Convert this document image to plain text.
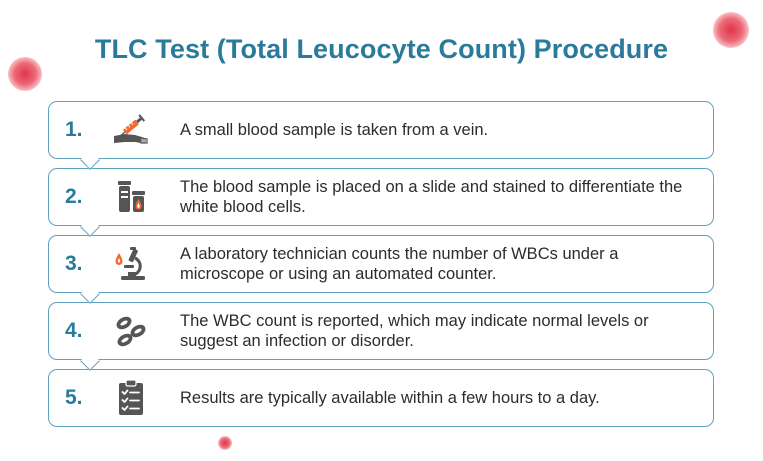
TLC Test (Total Leucocyte Count) Procedure
1.	A small blood sample is taken from a vein.
2.	The blood sample is placed on a slide and stained to differentiate the white blood cells.
3.	A laboratory technician counts the number of WBCs under a microscope or using an automated counter.
4.	The WBC count is reported, which may indicate normal levels or suggest an infection or disorder.
5.	Results are typically available within a few hours to a day.
